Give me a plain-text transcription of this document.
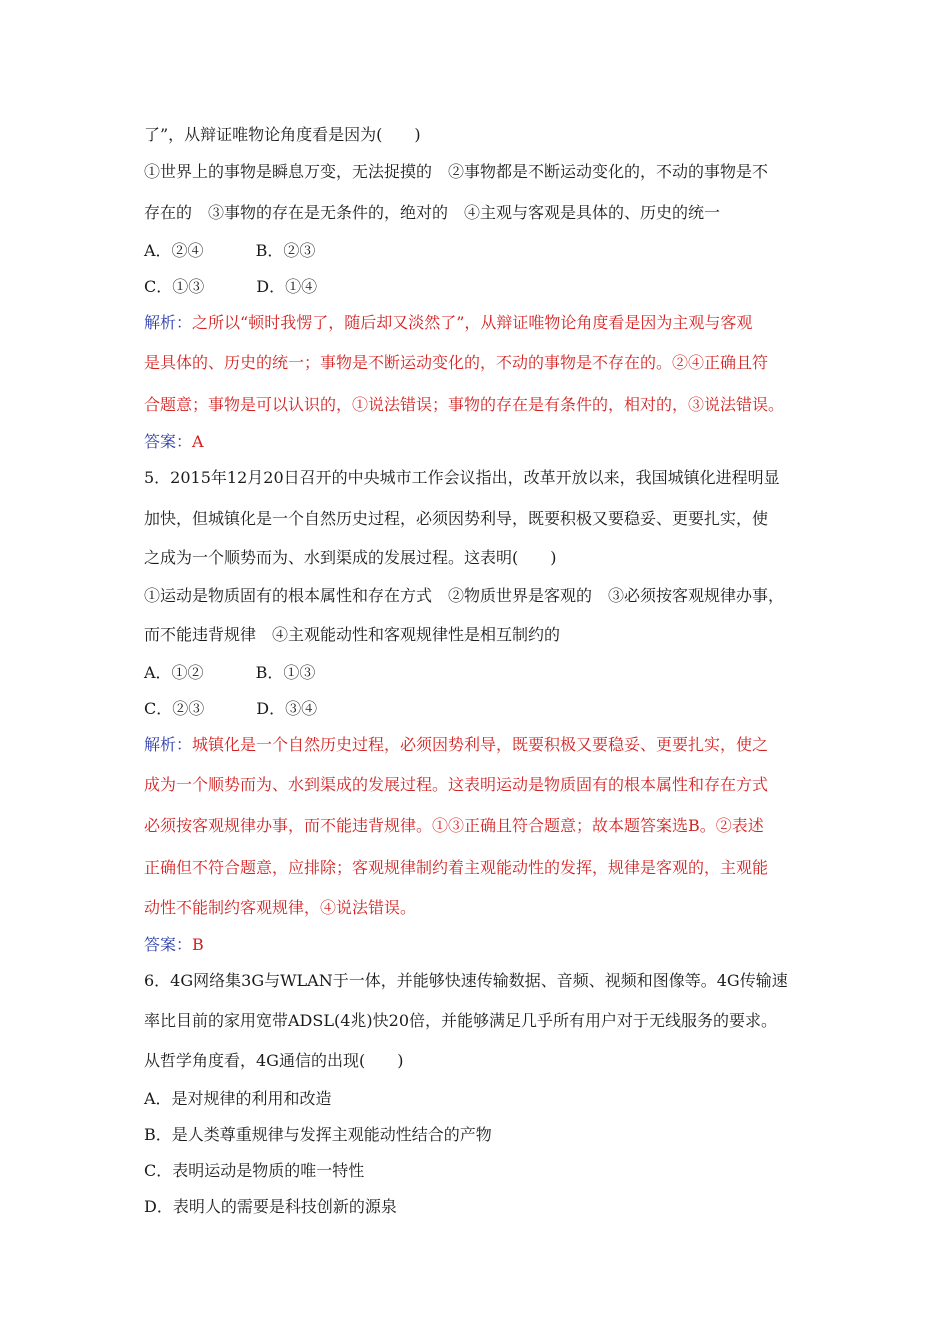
了”，从辩证唯物论角度看是因为(　　)
①世界上的事物是瞬息万变，无法捉摸的　②事物都是不断运动变化的，不动的事物是不
存在的　③事物的存在是无条件的，绝对的　④主观与客观是具体的、历史的统一
A．②④	B．②③
C．①③	D．①④
解析：之所以“顿时我愣了，随后却又淡然了”，从辩证唯物论角度看是因为主观与客观
是具体的、历史的统一；事物是不断运动变化的，不动的事物是不存在的。②④正确且符
合题意；事物是可以认识的，①说法错误；事物的存在是有条件的，相对的，③说法错误。
答案：A
5．2015年12月20日召开的中央城市工作会议指出，改革开放以来，我国城镇化进程明显
加快，但城镇化是一个自然历史过程，必须因势利导，既要积极又要稳妥、更要扎实，使
之成为一个顺势而为、水到渠成的发展过程。这表明(　　)
①运动是物质固有的根本属性和存在方式　②物质世界是客观的　③必须按客观规律办事，
而不能违背规律　④主观能动性和客观规律性是相互制约的
A．①②	B．①③
C．②③	D．③④
解析：城镇化是一个自然历史过程，必须因势利导，既要积极又要稳妥、更要扎实，使之
成为一个顺势而为、水到渠成的发展过程。这表明运动是物质固有的根本属性和存在方式
必须按客观规律办事，而不能违背规律。①③正确且符合题意；故本题答案选B。②表述
正确但不符合题意，应排除；客观规律制约着主观能动性的发挥，规律是客观的，主观能
动性不能制约客观规律，④说法错误。
答案：B
6．4G网络集3G与WLAN于一体，并能够快速传输数据、音频、视频和图像等。4G传输速
率比目前的家用宽带ADSL(4兆)快20倍，并能够满足几乎所有用户对于无线服务的要求。
从哲学角度看，4G通信的出现(　　)
A．是对规律的利用和改造
B．是人类尊重规律与发挥主观能动性结合的产物
C．表明运动是物质的唯一特性
D．表明人的需要是科技创新的源泉
